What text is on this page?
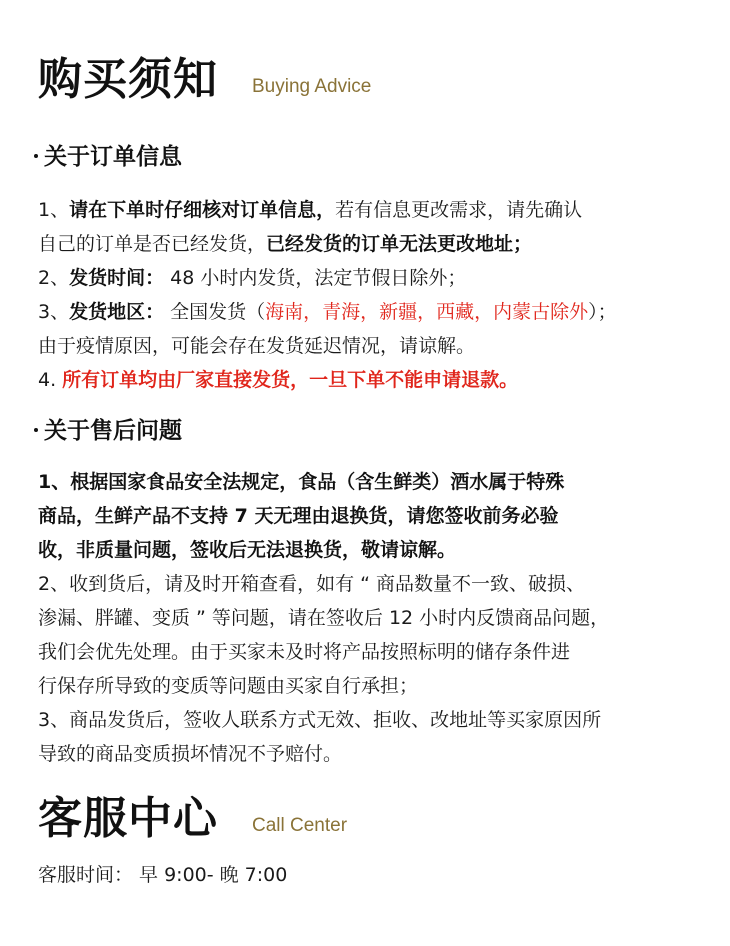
购买须知 Buying Advice
关于订单信息

1、请在下单时仔细核对订单信息，若有信息更改需求，请先确认

自己的订单是否已经发货，已经发货的订单无法更改地址；

2、发货时间： 48 小时内发货，法定节假日除外；

3、发货地区： 全国发货（海南，青海，新疆，西藏，内蒙古除外）；

由于疫情原因，可能会存在发货延迟情况，请谅解。

4. 所有订单均由厂家直接发货，一旦下单不能申请退款。

关于售后问题

1、根据国家食品安全法规定，食品（含生鲜类）酒水属于特殊

商品，生鲜产品不支持 7 天无理由退换货，请您签收前务必验

收，非质量问题，签收后无法退换货，敬请谅解。

2、收到货后，请及时开箱查看，如有 “ 商品数量不一致、破损、

渗漏、胖罐、变质 ” 等问题，请在签收后 12 小时内反馈商品问题，

我们会优先处理。由于买家未及时将产品按照标明的储存条件进

行保存所导致的变质等问题由买家自行承担；

3、商品发货后，签收人联系方式无效、拒收、改地址等买家原因所

导致的商品变质损坏情况不予赔付。

客服中心 Call Center
客服时间： 早 9:00- 晚 7:00
